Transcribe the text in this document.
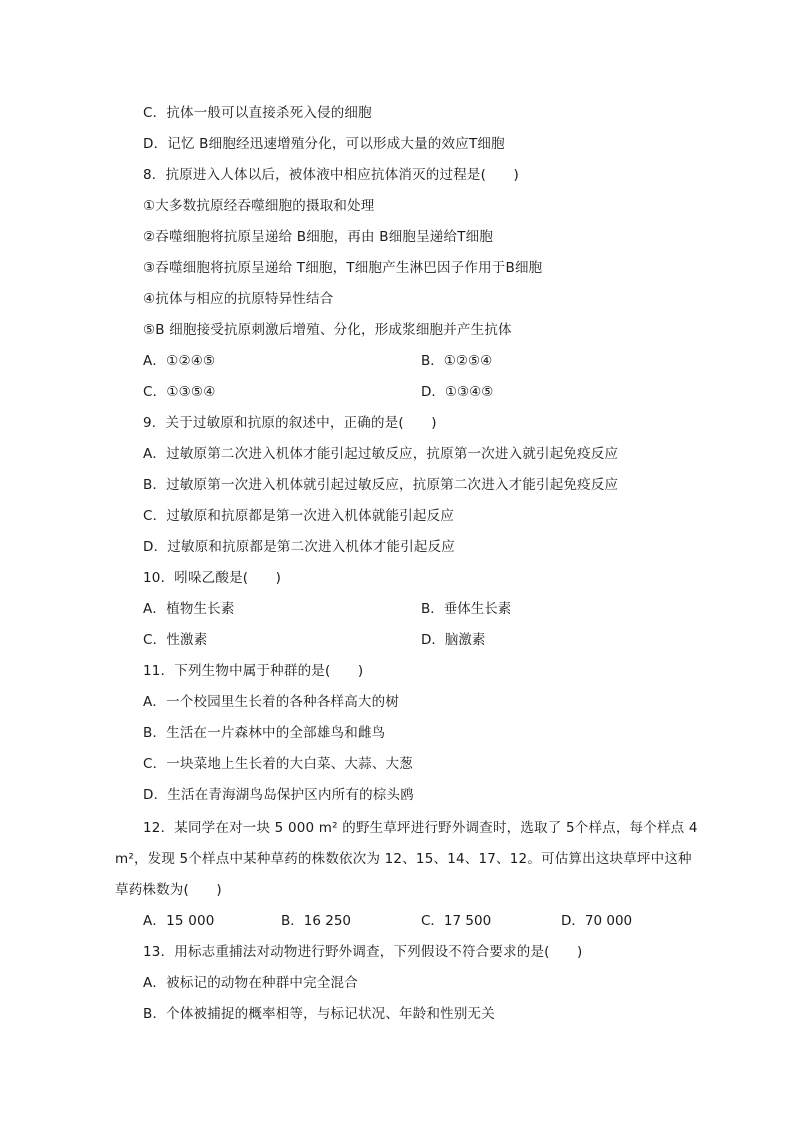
C．抗体一般可以直接杀死入侵的细胞
D．记忆 B细胞经迅速增殖分化，可以形成大量的效应T细胞
8．抗原进入人体以后，被体液中相应抗体消灭的过程是(　　)
①大多数抗原经吞噬细胞的摄取和处理
②吞噬细胞将抗原呈递给 B细胞，再由 B细胞呈递给T细胞
③吞噬细胞将抗原呈递给 T细胞，T细胞产生淋巴因子作用于B细胞
④抗体与相应的抗原特异性结合
⑤B 细胞接受抗原刺激后增殖、分化，形成浆细胞并产生抗体
A．①②④⑤	B．①②⑤④
C．①③⑤④	D．①③④⑤
9．关于过敏原和抗原的叙述中，正确的是(　　)
A．过敏原第二次进入机体才能引起过敏反应，抗原第一次进入就引起免疫反应
B．过敏原第一次进入机体就引起过敏反应，抗原第二次进入才能引起免疫反应
C．过敏原和抗原都是第一次进入机体就能引起反应
D．过敏原和抗原都是第二次进入机体才能引起反应
10．吲哚乙酸是(　　)
A．植物生长素	B．垂体生长素
C．性激素	D．脑激素
11．下列生物中属于种群的是(　　)
A．一个校园里生长着的各种各样高大的树
B．生活在一片森林中的全部雄鸟和雌鸟
C．一块菜地上生长着的大白菜、大蒜、大葱
D．生活在青海湖鸟岛保护区内所有的棕头鸥
12．某同学在对一块 5 000 m² 的野生草坪进行野外调查时，选取了 5个样点，每个样点 4
m²，发现 5个样点中某种草药的株数依次为 12、15、14、17、12。可估算出这块草坪中这种
草药株数为(　　)
A．15 000	B．16 250	C．17 500	D．70 000
13．用标志重捕法对动物进行野外调查，下列假设不符合要求的是(　　)
A．被标记的动物在种群中完全混合
B．个体被捕捉的概率相等，与标记状况、年龄和性别无关
